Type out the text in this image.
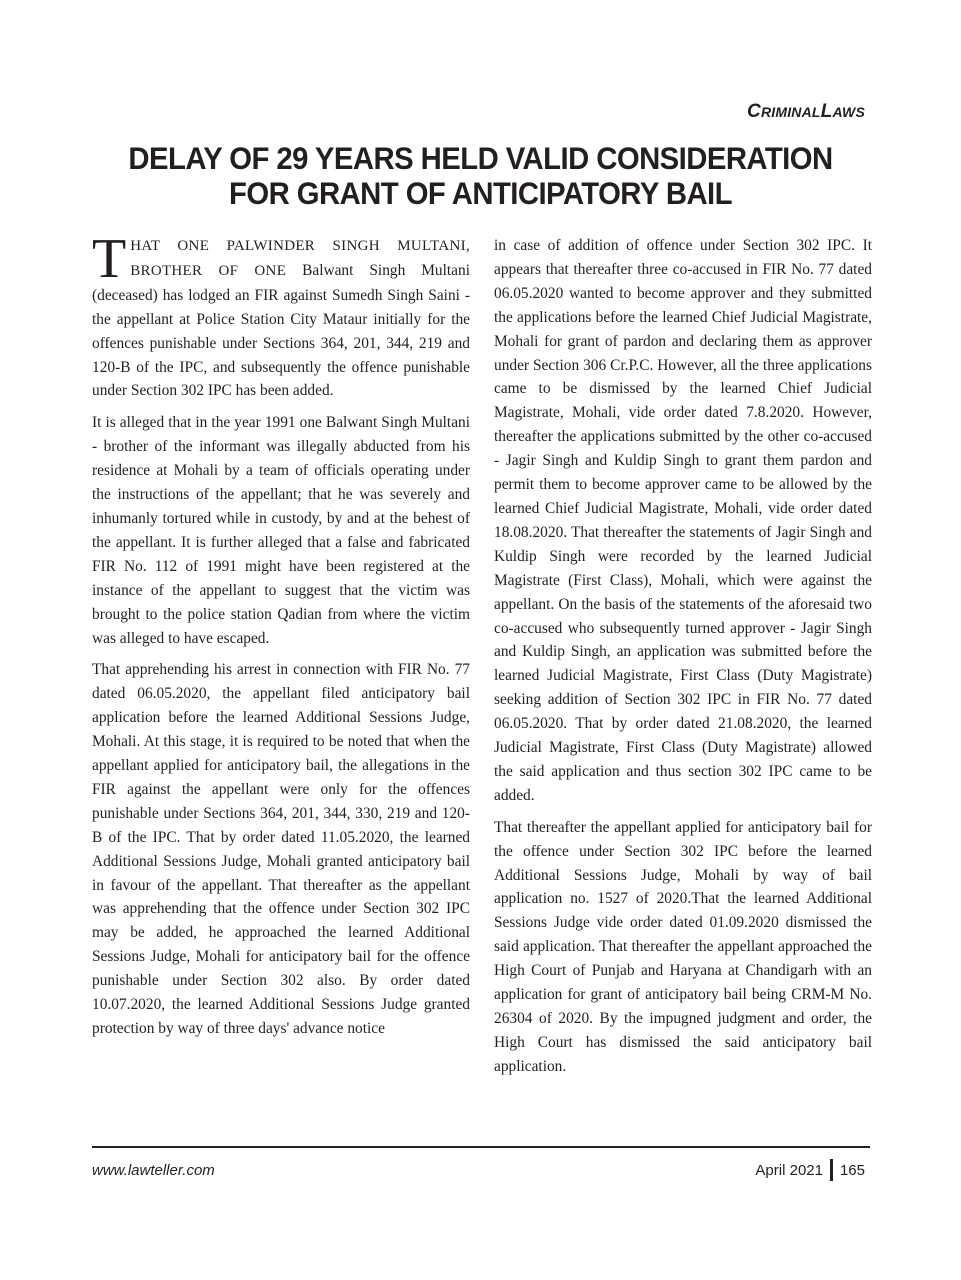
CRIMINALLAWS
DELAY OF 29 YEARS HELD VALID CONSIDERATION
FOR GRANT OF ANTICIPATORY BAIL

THAT ONE PALWINDER SINGH MULTANI, BROTHER OF ONE Balwant Singh Multani (deceased) has lodged an FIR against Sumedh Singh Saini - the appellant at Police Station City Mataur initially for the offences punishable under Sections 364, 201, 344, 219 and 120-B of the IPC, and subsequently the offence punishable under Section 302 IPC has been added.

It is alleged that in the year 1991 one Balwant Singh Multani - brother of the informant was illegally abducted from his residence at Mohali by a team of officials operating under the instructions of the appellant; that he was severely and inhumanly tortured while in custody, by and at the behest of the appellant. It is further alleged that a false and fabricated FIR No. 112 of 1991 might have been registered at the instance of the appellant to suggest that the victim was brought to the police station Qadian from where the victim was alleged to have escaped.

That apprehending his arrest in connection with FIR No. 77 dated 06.05.2020, the appellant filed anticipatory bail application before the learned Additional Sessions Judge, Mohali. At this stage, it is required to be noted that when the appellant applied for anticipatory bail, the allegations in the FIR against the appellant were only for the offences punishable under Sections 364, 201, 344, 330, 219 and 120-B of the IPC. That by order dated 11.05.2020, the learned Additional Sessions Judge, Mohali granted anticipatory bail in favour of the appellant. That thereafter as the appellant was apprehending that the offence under Section 302 IPC may be added, he approached the learned Additional Sessions Judge, Mohali for anticipatory bail for the offence punishable under Section 302 also. By order dated 10.07.2020, the learned Additional Sessions Judge granted protection by way of three days' advance notice

in case of addition of offence under Section 302 IPC. It appears that thereafter three co-accused in FIR No. 77 dated 06.05.2020 wanted to become approver and they submitted the applications before the learned Chief Judicial Magistrate, Mohali for grant of pardon and declaring them as approver under Section 306 Cr.P.C. However, all the three applications came to be dismissed by the learned Chief Judicial Magistrate, Mohali, vide order dated 7.8.2020. However, thereafter the applications submitted by the other co-accused - Jagir Singh and Kuldip Singh to grant them pardon and permit them to become approver came to be allowed by the learned Chief Judicial Magistrate, Mohali, vide order dated 18.08.2020. That thereafter the statements of Jagir Singh and Kuldip Singh were recorded by the learned Judicial Magistrate (First Class), Mohali, which were against the appellant. On the basis of the statements of the aforesaid two co-accused who subsequently turned approver - Jagir Singh and Kuldip Singh, an application was submitted before the learned Judicial Magistrate, First Class (Duty Magistrate) seeking addition of Section 302 IPC in FIR No. 77 dated 06.05.2020. That by order dated 21.08.2020, the learned Judicial Magistrate, First Class (Duty Magistrate) allowed the said application and thus section 302 IPC came to be added.

That thereafter the appellant applied for anticipatory bail for the offence under Section 302 IPC before the learned Additional Sessions Judge, Mohali by way of bail application no. 1527 of 2020.That the learned Additional Sessions Judge vide order dated 01.09.2020 dismissed the said application. That thereafter the appellant approached the High Court of Punjab and Haryana at Chandigarh with an application for grant of anticipatory bail being CRM-M No. 26304 of 2020. By the impugned judgment and order, the High Court has dismissed the said anticipatory bail application.

www.lawteller.com	April 2021 165
